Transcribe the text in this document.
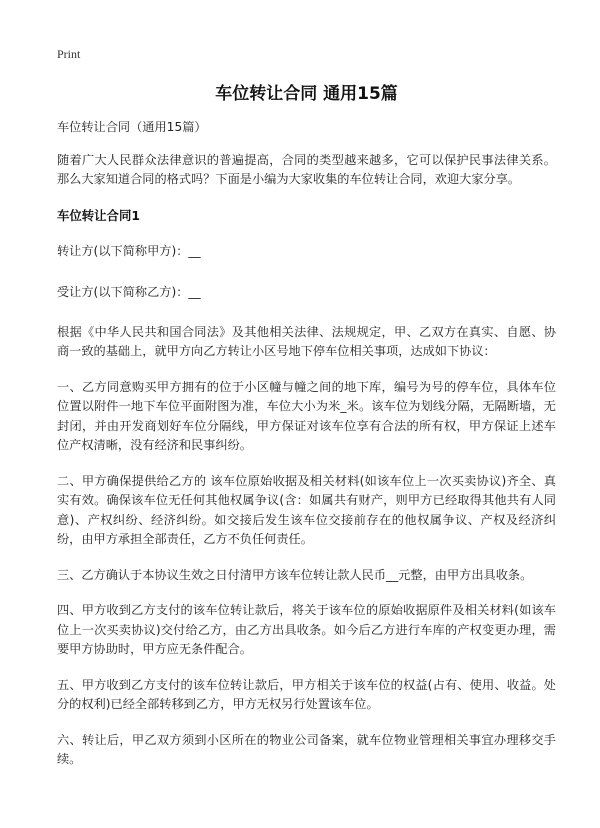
Print
车位转让合同 通用15篇
车位转让合同（通用15篇）
随着广大人民群众法律意识的普遍提高，合同的类型越来越多，它可以保护民事法律关系。那么大家知道合同的格式吗？下面是小编为大家收集的车位转让合同，欢迎大家分享。
车位转让合同1
转让方(以下简称甲方)：__
受让方(以下简称乙方)：__
根据《中华人民共和国合同法》及其他相关法律、法规规定，甲、乙双方在真实、自愿、协商一致的基础上，就甲方向乙方转让小区号地下停车位相关事项，达成如下协议：
一、乙方同意购买甲方拥有的位于小区幢与幢之间的地下库，编号为号的停车位，具体车位位置以附件一地下车位平面附图为准，车位大小为米_米。该车位为划线分隔，无隔断墙，无封闭，并由开发商划好车位分隔线，甲方保证对该车位享有合法的所有权，甲方保证上述车位产权清晰，没有经济和民事纠纷。
二、甲方确保提供给乙方的 该车位原始收据及相关材料(如该车位上一次买卖协议)齐全、真实有效。确保该车位无任何其他权属争议(含：如属共有财产，则甲方已经取得其他共有人同意)、产权纠纷、经济纠纷。如交接后发生该车位交接前存在的他权属争议、产权及经济纠纷，由甲方承担全部责任，乙方不负任何责任。
三、乙方确认于本协议生效之日付清甲方该车位转让款人民币__元整，由甲方出具收条。
四、甲方收到乙方支付的该车位转让款后，将关于该车位的原始收据原件及相关材料(如该车位上一次买卖协议)交付给乙方，由乙方出具收条。如今后乙方进行车库的产权变更办理，需要甲方协助时，甲方应无条件配合。
五、甲方收到乙方支付的该车位转让款后，甲方相关于该车位的权益(占有、使用、收益。处分的权利)已经全部转移到乙方，甲方无权另行处置该车位。
六、转让后，甲乙双方须到小区所在的物业公司备案，就车位物业管理相关事宜办理移交手续。
